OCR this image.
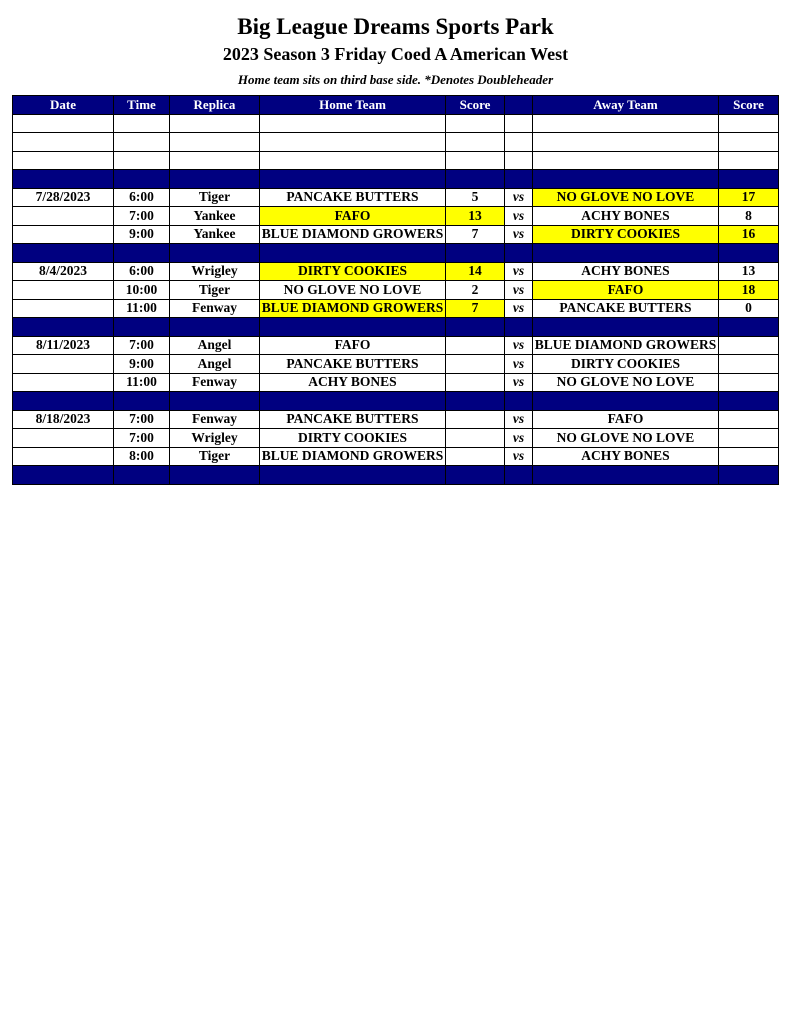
Big League Dreams Sports Park
2023 Season 3 Friday Coed A American West
Home team sits on third base side. *Denotes Doubleheader
Date	Time	Replica	Home Team	Score		Away Team	Score

7/28/2023	6:00	Tiger	PANCAKE BUTTERS	5	vs	NO GLOVE NO LOVE	17
	7:00	Yankee	FAFO	13	vs	ACHY BONES	8
	9:00	Yankee	BLUE DIAMOND GROWERS	7	vs	DIRTY COOKIES	16

8/4/2023	6:00	Wrigley	DIRTY COOKIES	14	vs	ACHY BONES	13
	10:00	Tiger	NO GLOVE NO LOVE	2	vs	FAFO	18
	11:00	Fenway	BLUE DIAMOND GROWERS	7	vs	PANCAKE BUTTERS	0

8/11/2023	7:00	Angel	FAFO		vs	BLUE DIAMOND GROWERS	
	9:00	Angel	PANCAKE BUTTERS		vs	DIRTY COOKIES	
	11:00	Fenway	ACHY BONES		vs	NO GLOVE NO LOVE	

8/18/2023	7:00	Fenway	PANCAKE BUTTERS		vs	FAFO	
	7:00	Wrigley	DIRTY COOKIES		vs	NO GLOVE NO LOVE	
	8:00	Tiger	BLUE DIAMOND GROWERS		vs	ACHY BONES	
